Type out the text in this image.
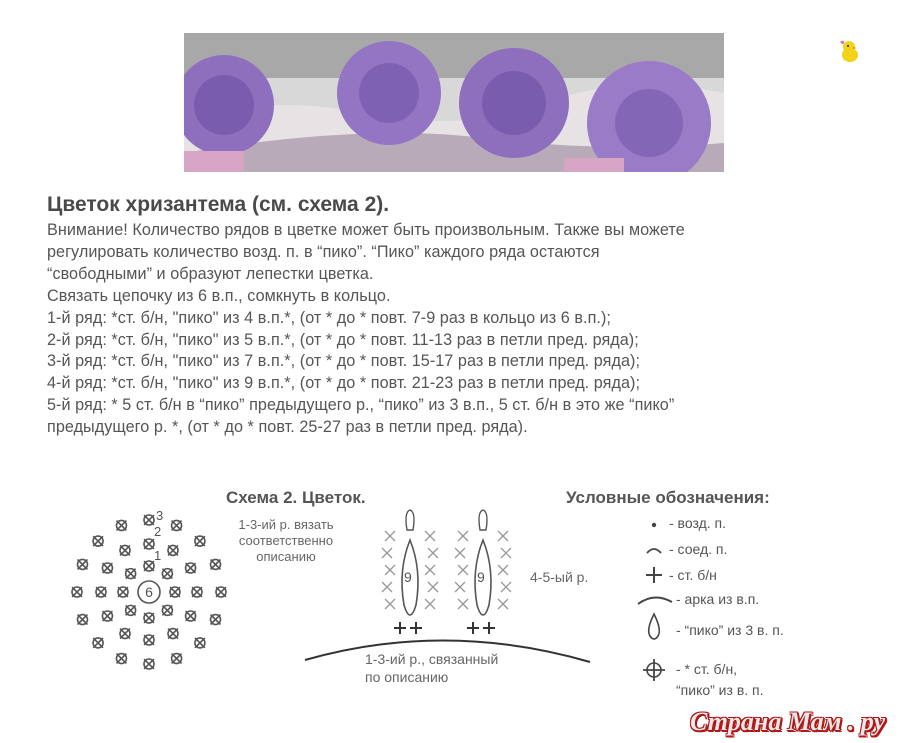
Цветок хризантема (см. схема 2).
Внимание! Количество рядов в цветке может быть произвольным. Также вы можете
регулировать количество возд. п. в “пико”. “Пико” каждого ряда остаются
“свободными” и образуют лепестки цветка.
Связать цепочку из 6 в.п., сомкнуть в кольцо.
1-й ряд: *ст. б/н, "пико" из 4 в.п.*, (от * до * повт. 7-9 раз в кольцо из 6 в.п.);
2-й ряд: *ст. б/н, "пико" из 5 в.п.*, (от * до * повт. 11-13 раз в петли пред. ряда);
3-й ряд: *ст. б/н, "пико" из 7 в.п.*, (от * до * повт. 15-17 раз в петли пред. ряда);
4-й ряд: *ст. б/н, "пико" из 9 в.п.*, (от * до * повт. 21-23 раз в петли пред. ряда);
5-й ряд: * 5 ст. б/н в “пико” предыдущего р., “пико” из 3 в.п., 5 ст. б/н в это же “пико”
предыдущего р. *, (от * до * повт. 25-27 раз в петли пред. ряда).
Схема 2. Цветок.
1-3-ий р. вязать
соответственно
описанию
6
3
2
1
9	9	4-5-ый р.
1-3-ий р., связанный
по описанию
Условные обозначения:
- возд. п.
- соед. п.
- ст. б/н
- арка из в.п.
- “пико” из 3 в. п.
- * ст. б/н,
“пико” из в. п.
Страна Мам . ру
